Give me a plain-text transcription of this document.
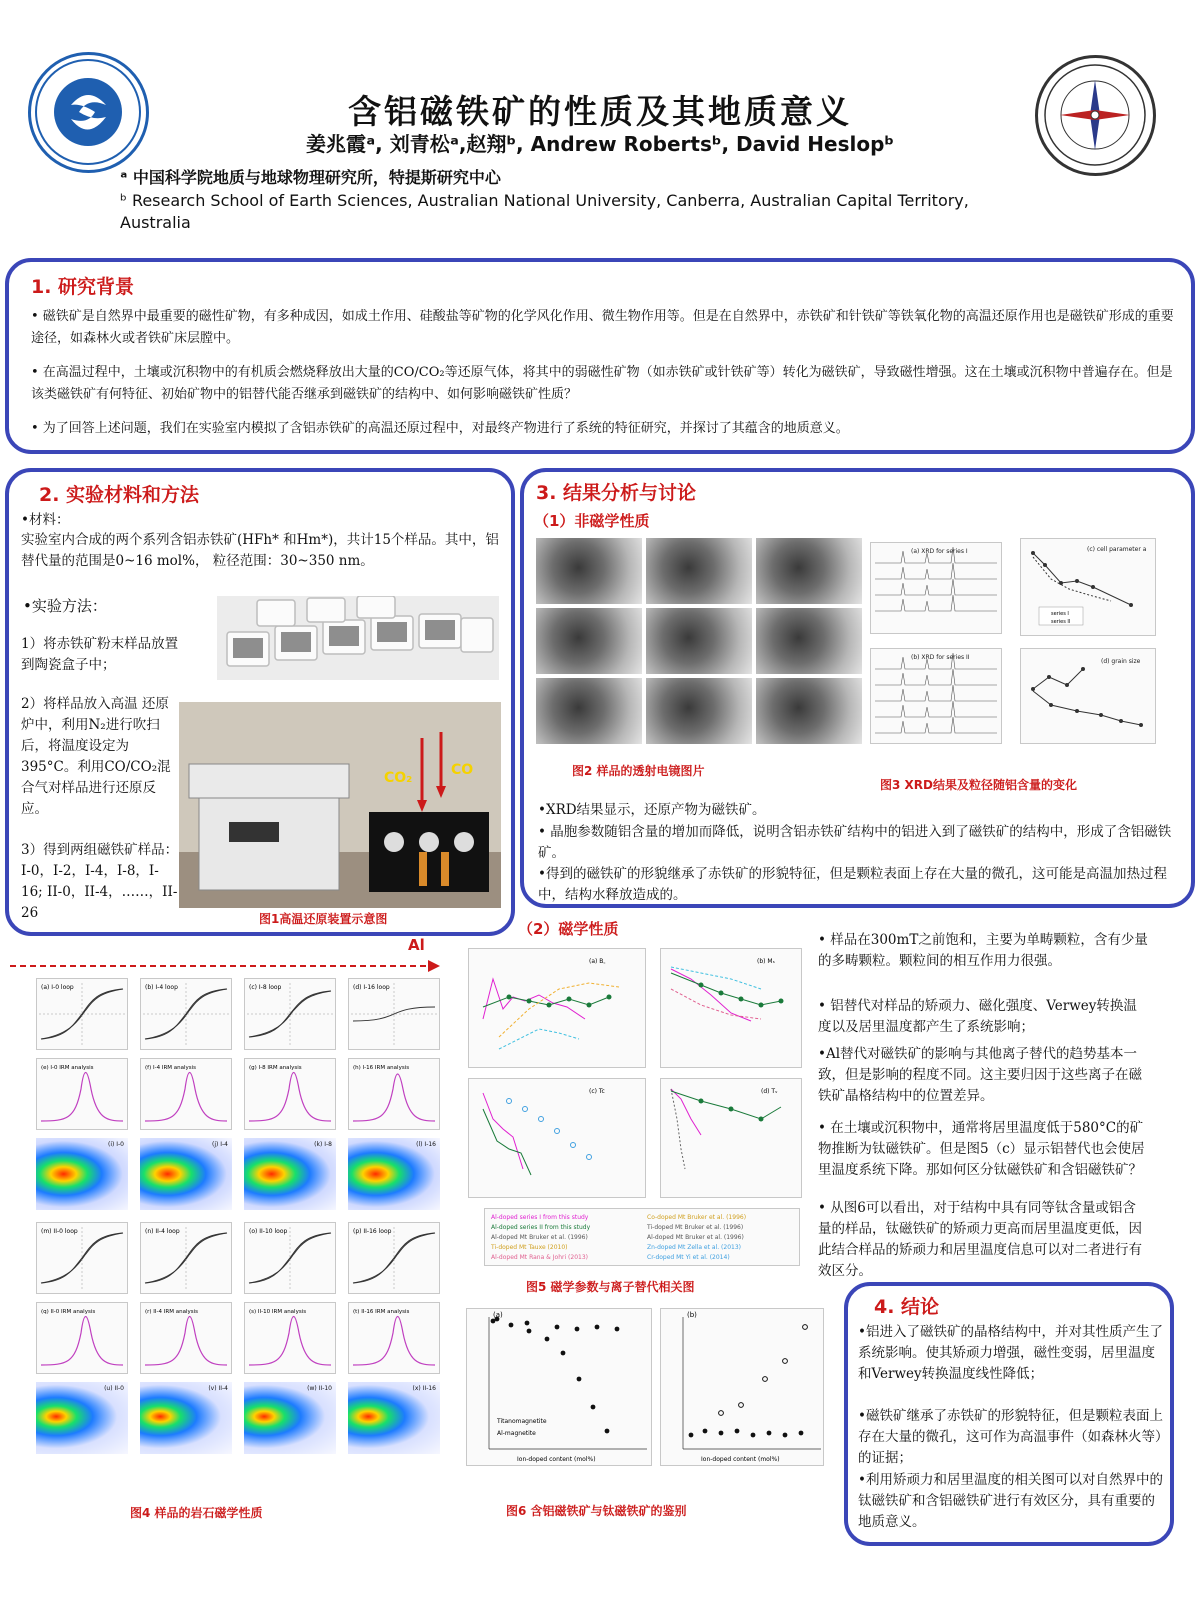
含铝磁铁矿的性质及其地质意义
姜兆霞ᵃ, 刘青松ᵃ,赵翔ᵇ, Andrew Robertsᵇ, David Heslopᵇ
ᵃ 中国科学院地质与地球物理研究所，特提斯研究中心
ᵇ Research School of Earth Sciences, Australian National University, Canberra, Australian Capital Territory, Australia
1. 研究背景
• 磁铁矿是自然界中最重要的磁性矿物，有多种成因，如成土作用、硅酸盐等矿物的化学风化作用、微生物作用等。但是在自然界中，赤铁矿和针铁矿等铁氧化物的高温还原作用也是磁铁矿形成的重要途径，如森林火或者铁矿床层膛中。
• 在高温过程中，土壤或沉积物中的有机质会燃烧释放出大量的CO/CO₂等还原气体，将其中的弱磁性矿物（如赤铁矿或针铁矿等）转化为磁铁矿，导致磁性增强。这在土壤或沉积物中普遍存在。但是该类磁铁矿有何特征、初始矿物中的铝替代能否继承到磁铁矿的结构中、如何影响磁铁矿性质？
• 为了回答上述问题，我们在实验室内模拟了含铝赤铁矿的高温还原过程中，对最终产物进行了系统的特征研究，并探讨了其蕴含的地质意义。
2. 实验材料和方法
•材料：
实验室内合成的两个系列含铝赤铁矿(HFh* 和Hm*)，共计15个样品。其中，铝 替代量的范围是0~16 mol%， 粒径范围：30~350 nm。
•实验方法：
1）将赤铁矿粉末样品放置到陶瓷盒子中；
2）将样品放入高温 还原炉中，利用N₂进行吹扫后，将温度设定为395°C。利用CO/CO₂混合气对样品进行还原反应。
3）得到两组磁铁矿样品：I-0，I-2，I-4，I-8，I-16; II-0，II-4，……，II-26
CO₂	CO
图1高温还原装置示意图
3. 结果分析与讨论
（1）非磁学性质
图2 样品的透射电镜图片
(a) XRD for series I
(b) XRD for series II
(c) cell parameter a
series I
series II
(d) grain size
图3 XRD结果及粒径随铝含量的变化
•XRD结果显示，还原产物为磁铁矿。
• 晶胞参数随铝含量的增加而降低，说明含铝赤铁矿结构中的铝进入到了磁铁矿的结构中，形成了含铝磁铁矿。
•得到的磁铁矿的形貌继承了赤铁矿的形貌特征，但是颗粒表面上存在大量的微孔，这可能是高温加热过程中，结构水释放造成的。
Al
（2）磁学性质
(a) I-0 loop	(b) I-4 loop	(c) I-8 loop	(d) I-16 loop
(e) I-0 IRM analysis	(f) I-4 IRM analysis	(g) I-8 IRM analysis	(h) I-16 IRM analysis
(i) I-0	(j) I-4	(k) I-8	(l) I-16
(m) II-0 loop	(n) II-4 loop	(o) II-10 loop	(p) II-16 loop
(q) II-0 IRM analysis	(r) II-4 IRM analysis	(s) II-10 IRM analysis	(t) II-16 IRM analysis
(u) II-0	(v) II-4	(w) II-10	(x) II-16
图4 样品的岩石磁学性质
(a) B꜀	(b) Mₛ
(c) Tc	(d) Tᵥ
Al-doped series I from this study
Al-doped series II from this study
Al-doped Mt Bruker et al. (1996)
Ti-doped Mt Tauxe (2010)
Al-doped Mt Rana & Johri (2013)
Co-doped Mt Bruker et al. (1996)
Ti-doped Mt Bruker et al. (1996)
Al-doped Mt Bruker et al. (1996)
Zn-doped Mt Zella et al. (2013)
Cr-doped Mt Yi et al. (2014)
图5 磁学参数与离子替代相关图
(a)
Titanomagnetite
Al-magnetite
Ion-doped content (mol%)
(b)
Ion-doped content (mol%)
图6 含铝磁铁矿与钛磁铁矿的鉴别
• 样品在300mT之前饱和，主要为单畴颗粒，含有少量的多畴颗粒。颗粒间的相互作用力很强。
• 铝替代对样品的矫顽力、磁化强度、Verwey转换温度以及居里温度都产生了系统影响；
•Al替代对磁铁矿的影响与其他离子替代的趋势基本一致，但是影响的程度不同。这主要归因于这些离子在磁铁矿晶格结构中的位置差异。
• 在土壤或沉积物中，通常将居里温度低于580°C的矿物推断为钛磁铁矿。但是图5（c）显示铝替代也会使居里温度系统下降。那如何区分钛磁铁矿和含铝磁铁矿？
• 从图6可以看出，对于结构中具有同等钛含量或铝含量的样品，钛磁铁矿的矫顽力更高而居里温度更低，因此结合样品的矫顽力和居里温度信息可以对二者进行有效区分。
4. 结论
•铝进入了磁铁矿的晶格结构中，并对其性质产生了系统影响。使其矫顽力增强，磁性变弱，居里温度和Verwey转换温度线性降低；
•磁铁矿继承了赤铁矿的形貌特征，但是颗粒表面上存在大量的微孔，这可作为高温事件（如森林火等）的证据；
•利用矫顽力和居里温度的相关图可以对自然界中的钛磁铁矿和含铝磁铁矿进行有效区分，具有重要的地质意义。
